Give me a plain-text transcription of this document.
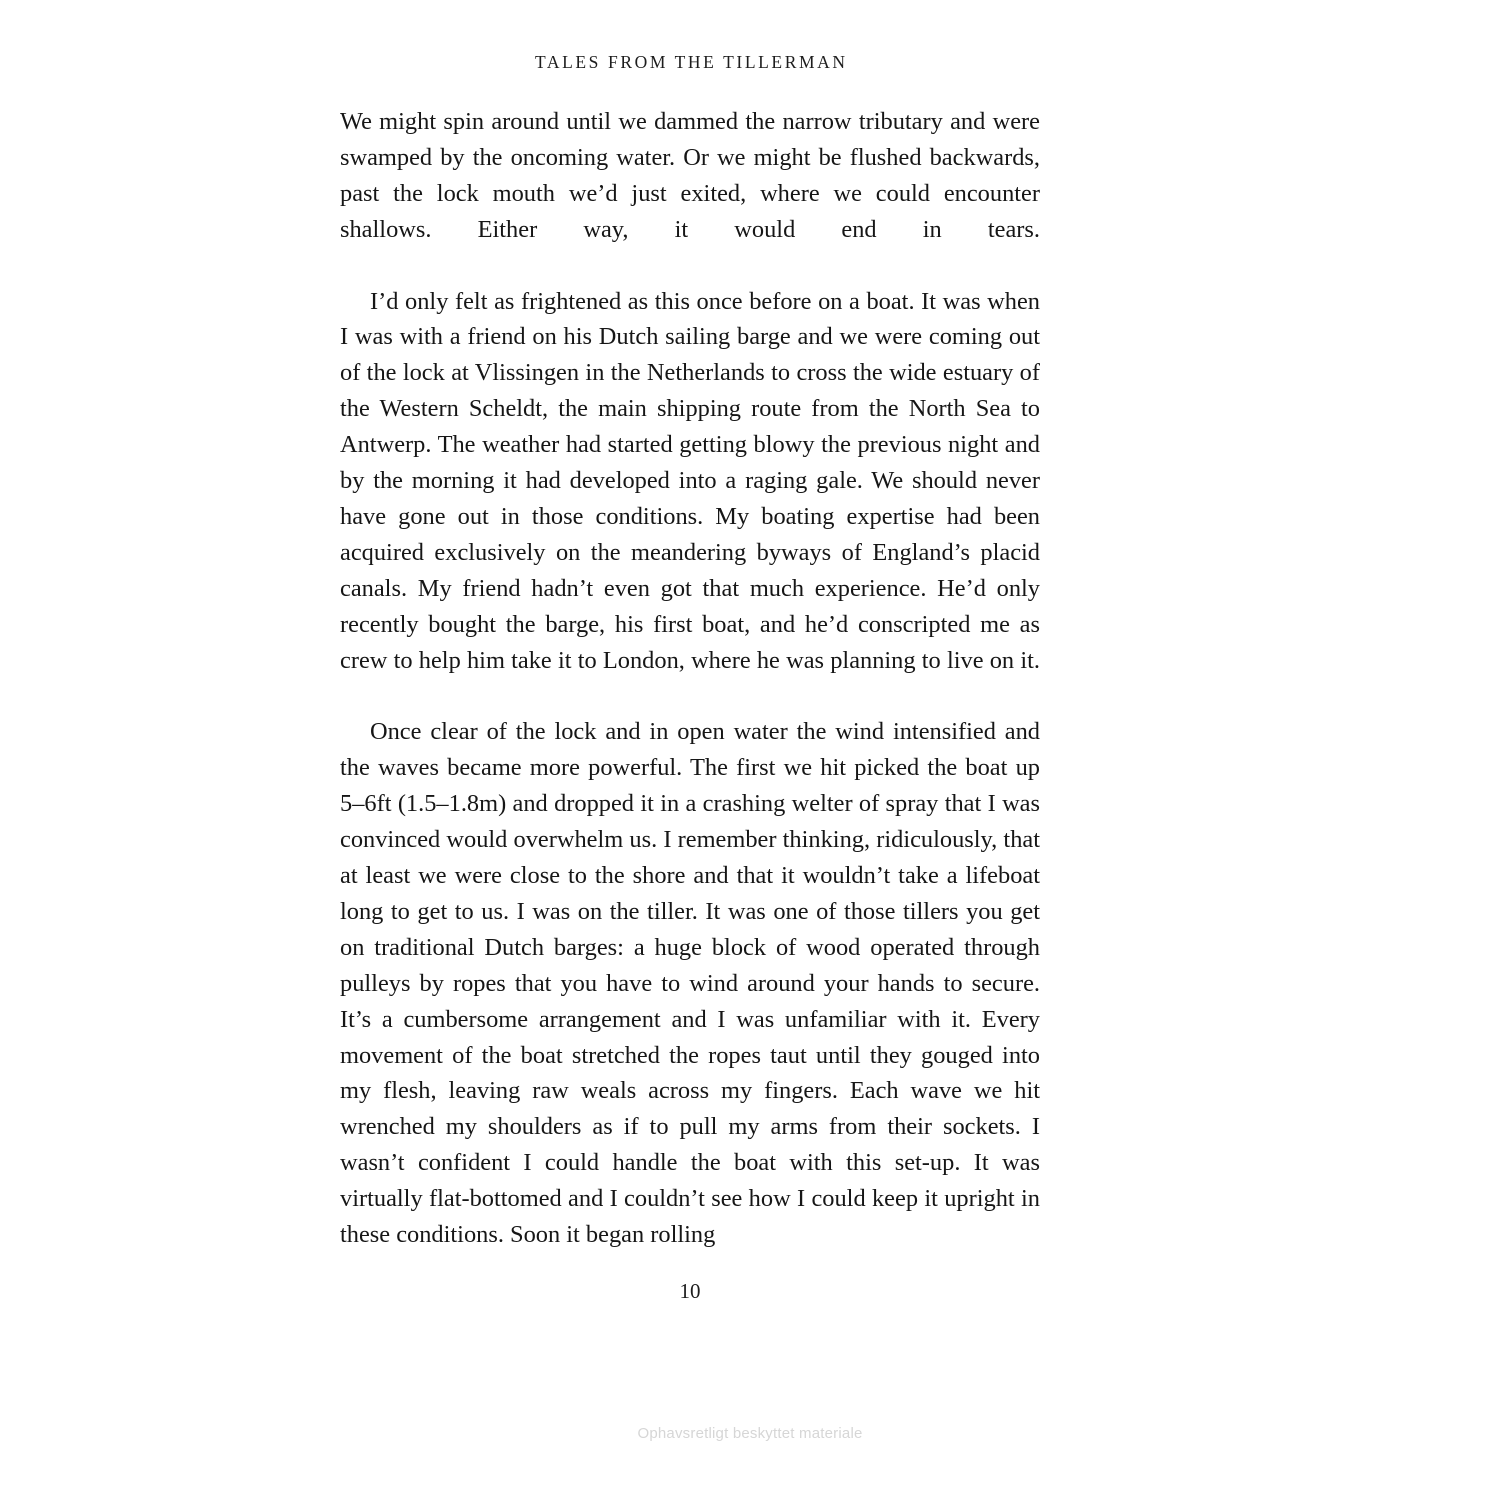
TALES FROM THE TILLERMAN

We might spin around until we dammed the narrow tributary and were swamped by the oncoming water. Or we might be flushed backwards, past the lock mouth we’d just exited, where we could encounter shallows. Either way, it would end in tears.

I’d only felt as frightened as this once before on a boat. It was when I was with a friend on his Dutch sailing barge and we were coming out of the lock at Vlissingen in the Netherlands to cross the wide estuary of the Western Scheldt, the main shipping route from the North Sea to Antwerp. The weather had started getting blowy the previous night and by the morning it had developed into a raging gale. We should never have gone out in those conditions. My boating expertise had been acquired exclusively on the meandering byways of England’s placid canals. My friend hadn’t even got that much experience. He’d only recently bought the barge, his first boat, and he’d conscripted me as crew to help him take it to London, where he was planning to live on it.

Once clear of the lock and in open water the wind intensified and the waves became more powerful. The first we hit picked the boat up 5–6ft (1.5–1.8m) and dropped it in a crashing welter of spray that I was convinced would overwhelm us. I remember thinking, ridiculously, that at least we were close to the shore and that it wouldn’t take a lifeboat long to get to us. I was on the tiller. It was one of those tillers you get on traditional Dutch barges: a huge block of wood operated through pulleys by ropes that you have to wind around your hands to secure. It’s a cumbersome arrangement and I was unfamiliar with it. Every movement of the boat stretched the ropes taut until they gouged into my flesh, leaving raw weals across my fingers. Each wave we hit wrenched my shoulders as if to pull my arms from their sockets. I wasn’t confident I could handle the boat with this set-up. It was virtually flat-bottomed and I couldn’t see how I could keep it upright in these conditions. Soon it began rolling

10
Ophavsretligt beskyttet materiale
